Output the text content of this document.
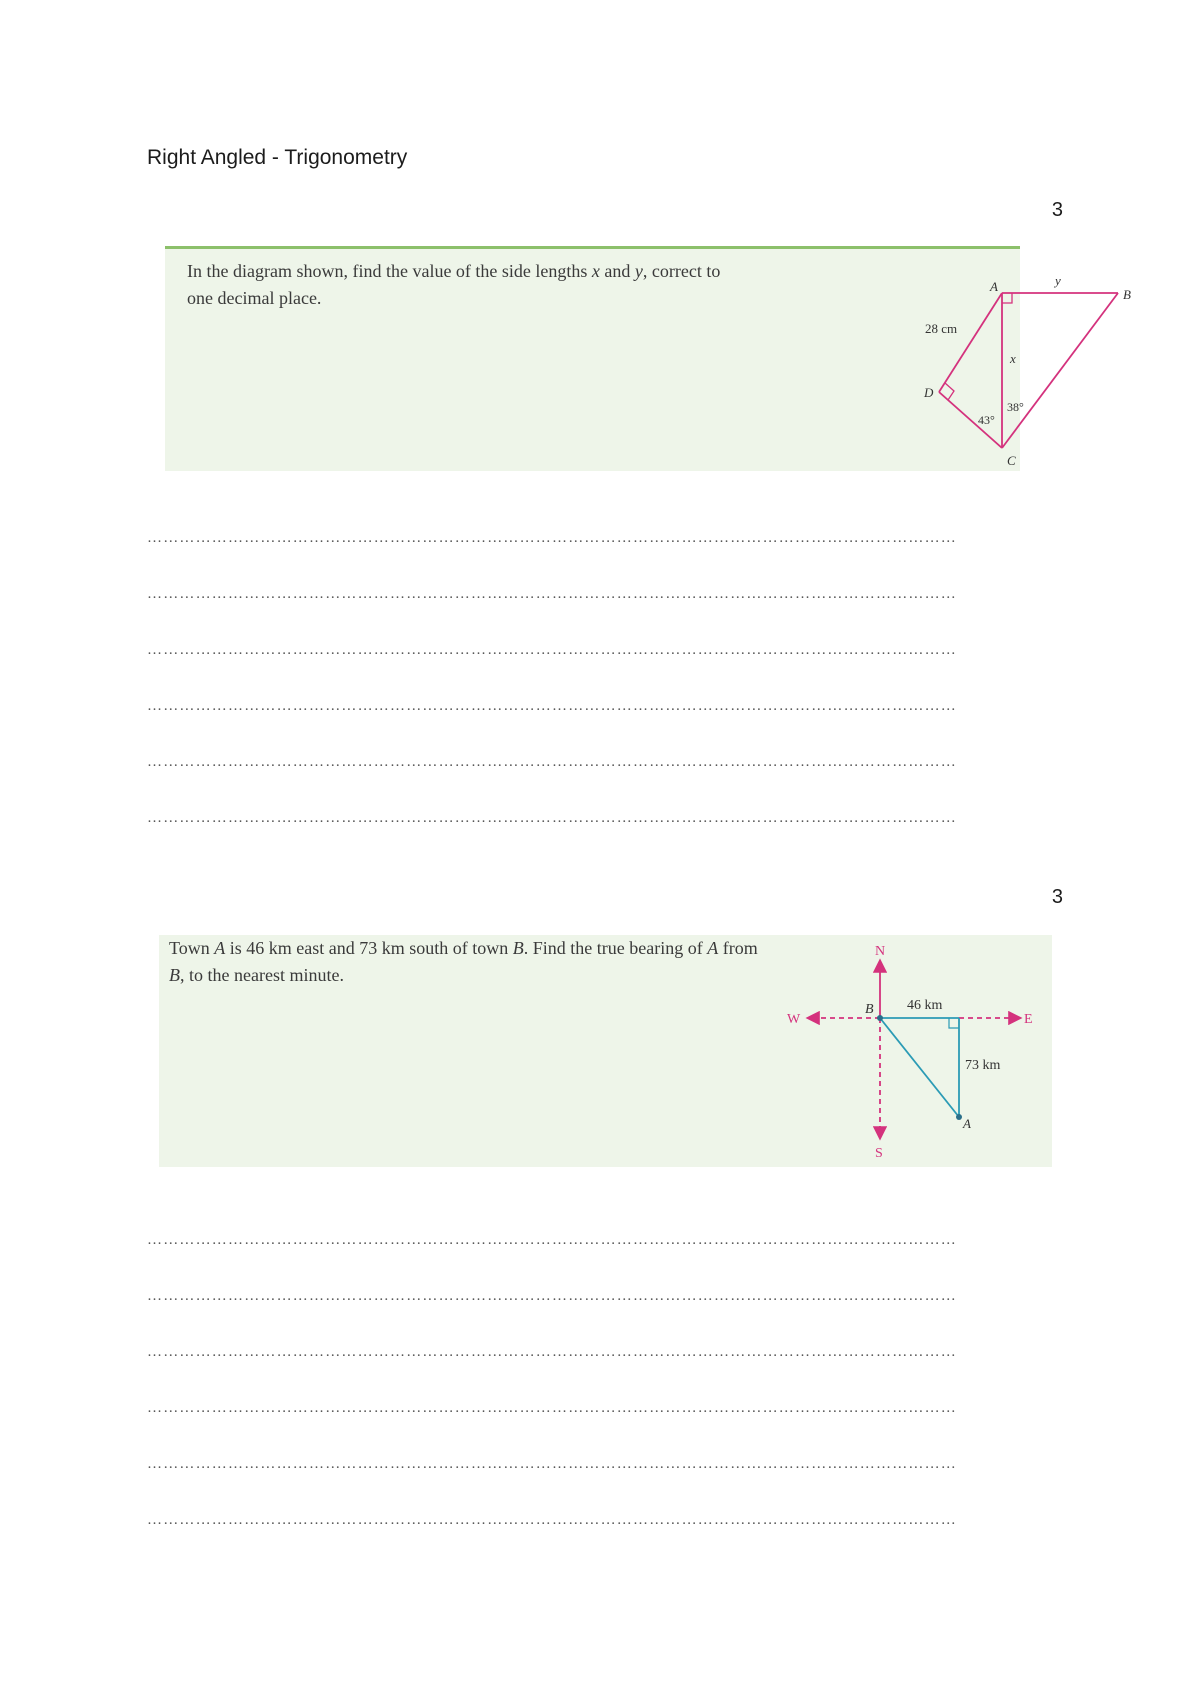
Right Angled - Trigonometry
3
In the diagram shown, find the value of the side lengths x and y, correct to one decimal place.
A
B
C
D
28 cm
x
y
43°
38°
……………………………………………………………………………………………………………………………………
……………………………………………………………………………………………………………………………………
……………………………………………………………………………………………………………………………………
……………………………………………………………………………………………………………………………………
……………………………………………………………………………………………………………………………………
……………………………………………………………………………………………………………………………………
3
Town A is 46 km east and 73 km south of town B. Find the true bearing of A from B, to the nearest minute.
N
S
W	E
B
A
46 km
73 km
……………………………………………………………………………………………………………………………………
……………………………………………………………………………………………………………………………………
……………………………………………………………………………………………………………………………………
……………………………………………………………………………………………………………………………………
……………………………………………………………………………………………………………………………………
……………………………………………………………………………………………………………………………………
